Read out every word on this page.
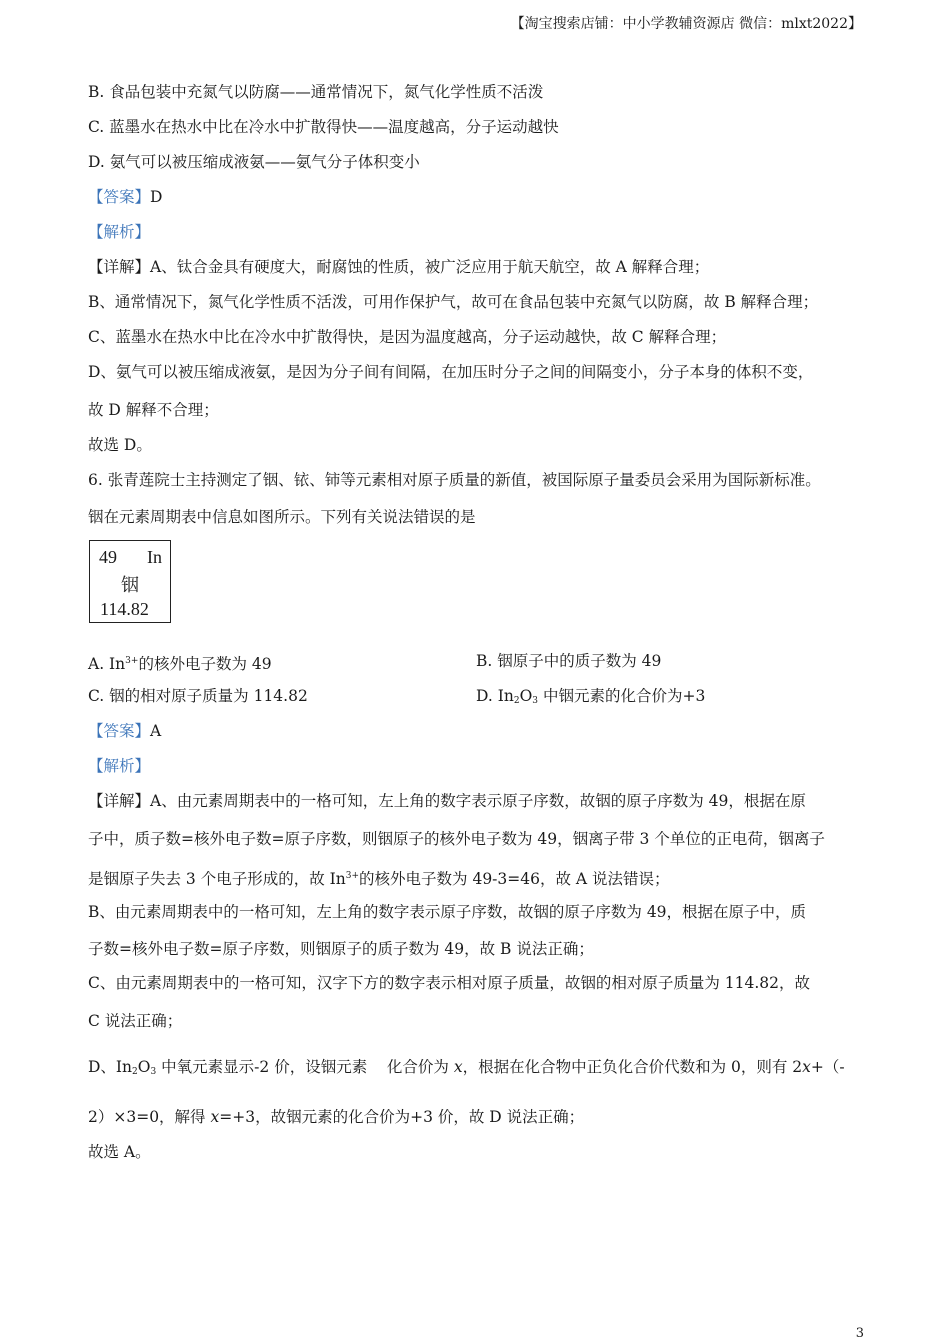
【淘宝搜索店铺：中小学教辅资源店 微信：mlxt2022】
B. 食品包装中充氮气以防腐——通常情况下，氮气化学性质不活泼
C. 蓝墨水在热水中比在冷水中扩散得快——温度越高，分子运动越快
D. 氨气可以被压缩成液氨——氨气分子体积变小
【答案】D
【解析】
【详解】A、钛合金具有硬度大，耐腐蚀的性质，被广泛应用于航天航空，故 A 解释合理；
B、通常情况下，氮气化学性质不活泼，可用作保护气，故可在食品包装中充氮气以防腐，故 B 解释合理；
C、蓝墨水在热水中比在冷水中扩散得快，是因为温度越高，分子运动越快，故 C 解释合理；
D、氨气可以被压缩成液氨，是因为分子间有间隔，在加压时分子之间的间隔变小，分子本身的体积不变，
故 D 解释不合理；
故选 D。
6. 张青莲院士主持测定了铟、铱、铈等元素相对原子质量的新值，被国际原子量委员会采用为国际新标准。
铟在元素周期表中信息如图所示。下列有关说法错误的是
49 In
铟
114.82
A. $In^{3+}$的核外电子数为 49	B. 铟原子中的质子数为 49
C. 铟的相对原子质量为 114.82	D. $In_2O_3$ 中铟元素的化合价为+3
【答案】A
【解析】
【详解】A、由元素周期表中的一格可知，左上角的数字表示原子序数，故铟的原子序数为 49，根据在原
子中，质子数=核外电子数=原子序数，则铟原子的核外电子数为 49，铟离子带 3 个单位的正电荷，铟离子
是铟原子失去 3 个电子形成的，故 $In^{3+}$的核外电子数为 49-3=46，故 A 说法错误；
B、由元素周期表中的一格可知，左上角的数字表示原子序数，故铟的原子序数为 49，根据在原子中，质
子数=核外电子数=原子序数，则铟原子的质子数为 49，故 B 说法正确；
C、由元素周期表中的一格可知，汉字下方的数字表示相对原子质量，故铟的相对原子质量为 114.82，故
C 说法正确；
D、$In_2O_3$ 中氧元素显示-2 价，设铟元素    化合价为 x，根据在化合物中正负化合价代数和为 0，则有 2x+（-
2）×3=0，解得 x=+3，故铟元素的化合价为+3 价，故 D 说法正确；
故选 A。
3
